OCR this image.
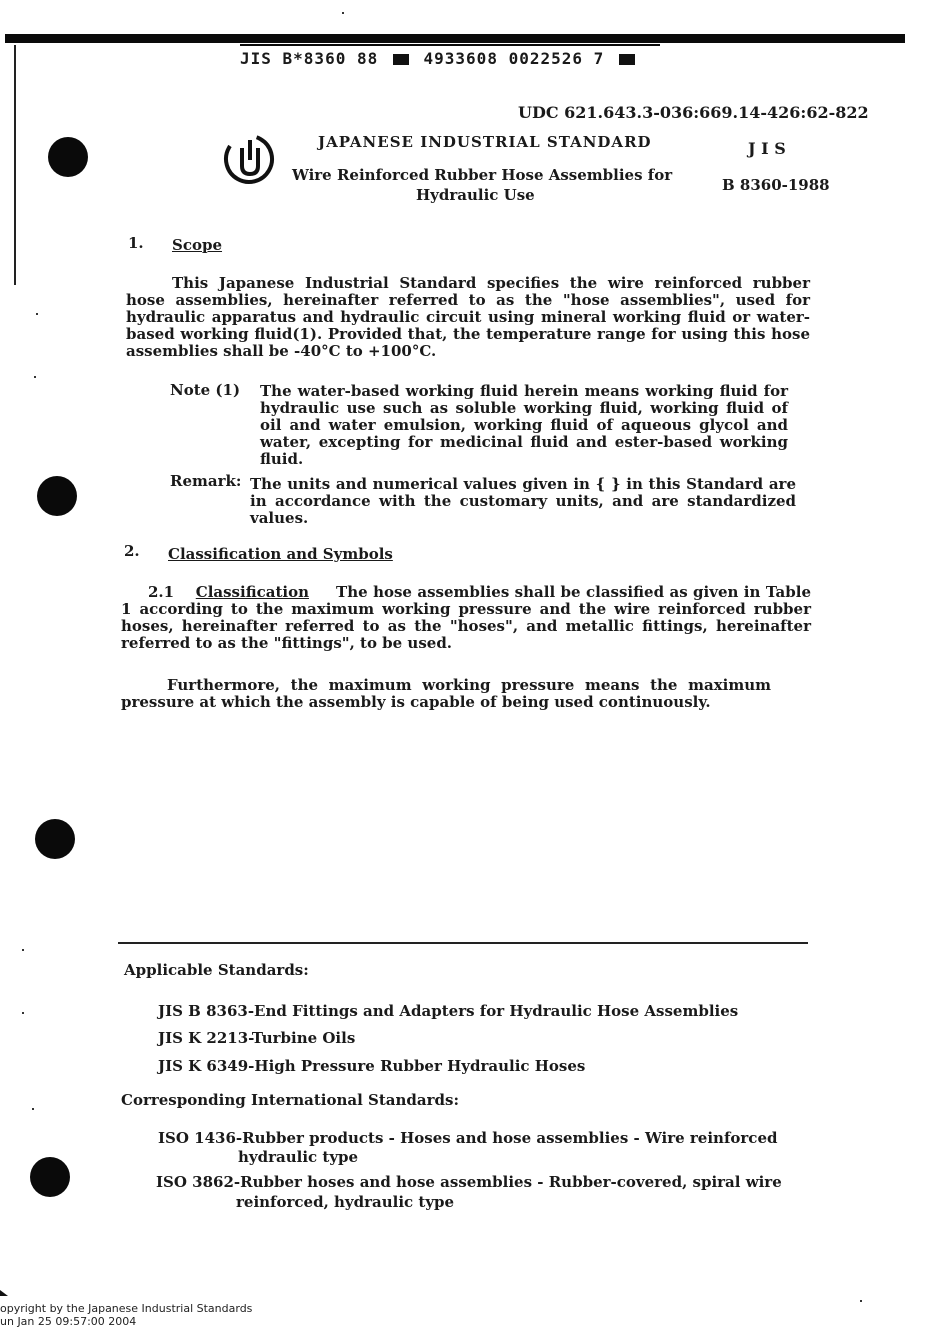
JIS B*8360 88	4933608 0022526 7
UDC 621.643.3-036:669.14-426:62-822
JAPANESE INDUSTRIAL STANDARD	J I S
Wire Reinforced Rubber Hose Assemblies for
Hydraulic Use
B 8360-1988
1. Scope
This Japanese Industrial Standard specifies the wire reinforced rubber hose assemblies, hereinafter referred to as the "hose assemblies", used for hydraulic apparatus and hydraulic circuit using mineral working fluid or water-based working fluid(1). Provided that, the temperature range for using this hose assemblies shall be -40°C to +100°C.
Note (1) The water-based working fluid herein means working fluid for hydraulic use such as soluble working fluid, working fluid of oil and water emulsion, working fluid of aqueous glycol and water, excepting for medicinal fluid and ester-based working fluid.
Remark: The units and numerical values given in { } in this Standard are in accordance with the customary units, and are standardized values.
2. Classification and Symbols
2.1 Classification The hose assemblies shall be classified as given in Table 1 according to the maximum working pressure and the wire reinforced rubber hoses, hereinafter referred to as the "hoses", and metallic fittings, hereinafter referred to as the "fittings", to be used.
Furthermore, the maximum working pressure means the maximum pressure at which the assembly is capable of being used continuously.
Applicable Standards:
JIS B 8363-End Fittings and Adapters for Hydraulic Hose Assemblies
JIS K 2213-Turbine Oils
JIS K 6349-High Pressure Rubber Hydraulic Hoses
Corresponding International Standards:
ISO 1436-Rubber products - Hoses and hose assemblies - Wire reinforced
hydraulic type
ISO 3862-Rubber hoses and hose assemblies - Rubber-covered, spiral wire
reinforced, hydraulic type
opyright by the Japanese Industrial Standards
un Jan 25 09:57:00 2004
